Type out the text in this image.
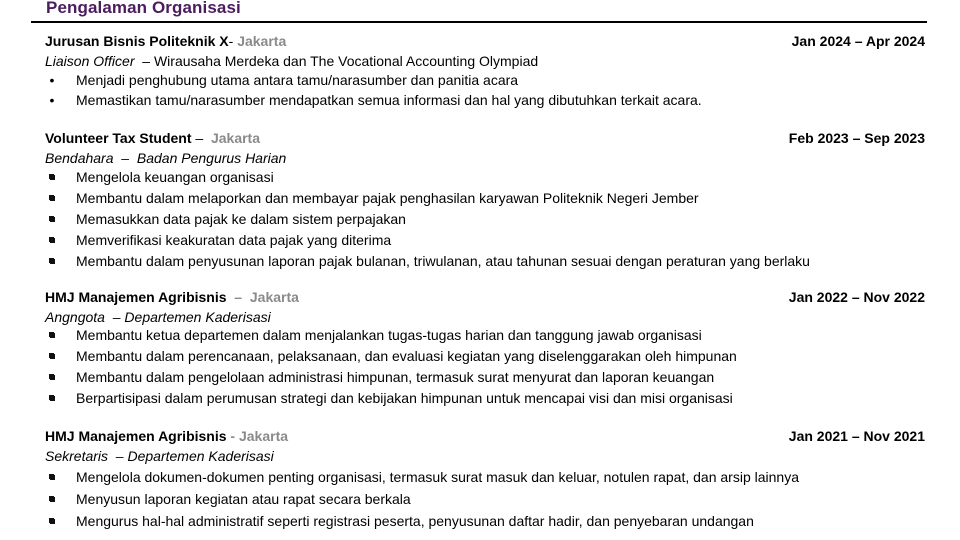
Pengalaman Organisasi
Jurusan Bisnis Politeknik X- Jakarta	Jan 2024 – Apr 2024
Liaison Officer  – Wirausaha Merdeka dan The Vocational Accounting Olympiad
•
Menjadi penghubung utama antara tamu/narasumber dan panitia acara
•
Memastikan tamu/narasumber mendapatkan semua informasi dan hal yang dibutuhkan terkait acara.
Volunteer Tax Student –  Jakarta	Feb 2023 – Sep 2023
Bendahara  –  Badan Pengurus Harian
Mengelola keuangan organisasi
Membantu dalam melaporkan dan membayar pajak penghasilan karyawan Politeknik Negeri Jember
Memasukkan data pajak ke dalam sistem perpajakan
Memverifikasi keakuratan data pajak yang diterima
Membantu dalam penyusunan laporan pajak bulanan, triwulanan, atau tahunan sesuai dengan peraturan yang berlaku
HMJ Manajemen Agribisnis  –  Jakarta	Jan 2022 – Nov 2022
Angngota  – Departemen Kaderisasi
Membantu ketua departemen dalam menjalankan tugas-tugas harian dan tanggung jawab organisasi
Membantu dalam perencanaan, pelaksanaan, dan evaluasi kegiatan yang diselenggarakan oleh himpunan
Membantu dalam pengelolaan administrasi himpunan, termasuk surat menyurat dan laporan keuangan
Berpartisipasi dalam perumusan strategi dan kebijakan himpunan untuk mencapai visi dan misi organisasi
HMJ Manajemen Agribisnis - Jakarta	Jan 2021 – Nov 2021
Sekretaris  – Departemen Kaderisasi
Mengelola dokumen-dokumen penting organisasi, termasuk surat masuk dan keluar, notulen rapat, dan arsip lainnya
Menyusun laporan kegiatan atau rapat secara berkala
Mengurus hal-hal administratif seperti registrasi peserta, penyusunan daftar hadir, dan penyebaran undangan
